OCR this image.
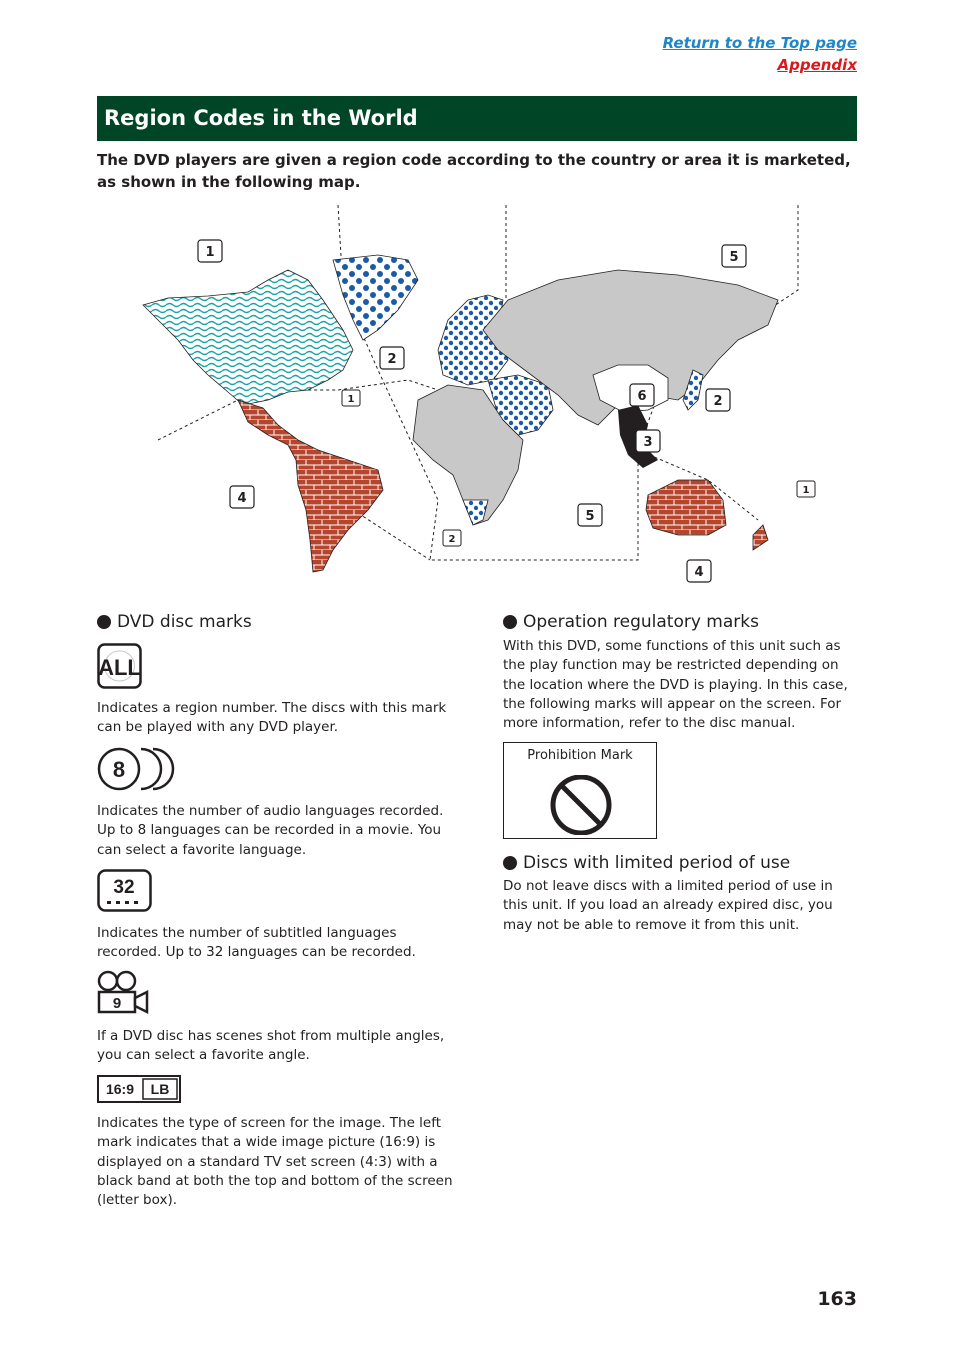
Return to the Top page
Appendix
Region Codes in the World
The DVD players are given a region code according to the country or area it is marketed, as shown in the following map.
1
2
1
4
2
5
6
3
2
5
1
4
DVD disc marks
ALL
Indicates a region number. The discs with this mark can be played with any DVD player.
8
Indicates the number of audio languages recorded. Up to 8 languages can be recorded in a movie. You can select a favorite language.
32
Indicates the number of subtitled languages recorded. Up to 32 languages can be recorded.
9
If a DVD disc has scenes shot from multiple angles, you can select a favorite angle.
16:9 LB
Indicates the type of screen for the image. The left mark indicates that a wide image picture (16:9) is displayed on a standard TV set screen (4:3) with a black band at both the top and bottom of the screen (letter box).
Operation regulatory marks
With this DVD, some functions of this unit such as the play function may be restricted depending on the location where the DVD is playing. In this case, the following marks will appear on the screen. For more information, refer to the disc manual.
Prohibition Mark
Discs with limited period of use
Do not leave discs with a limited period of use in this unit. If you load an already expired disc, you may not be able to remove it from this unit.
163
